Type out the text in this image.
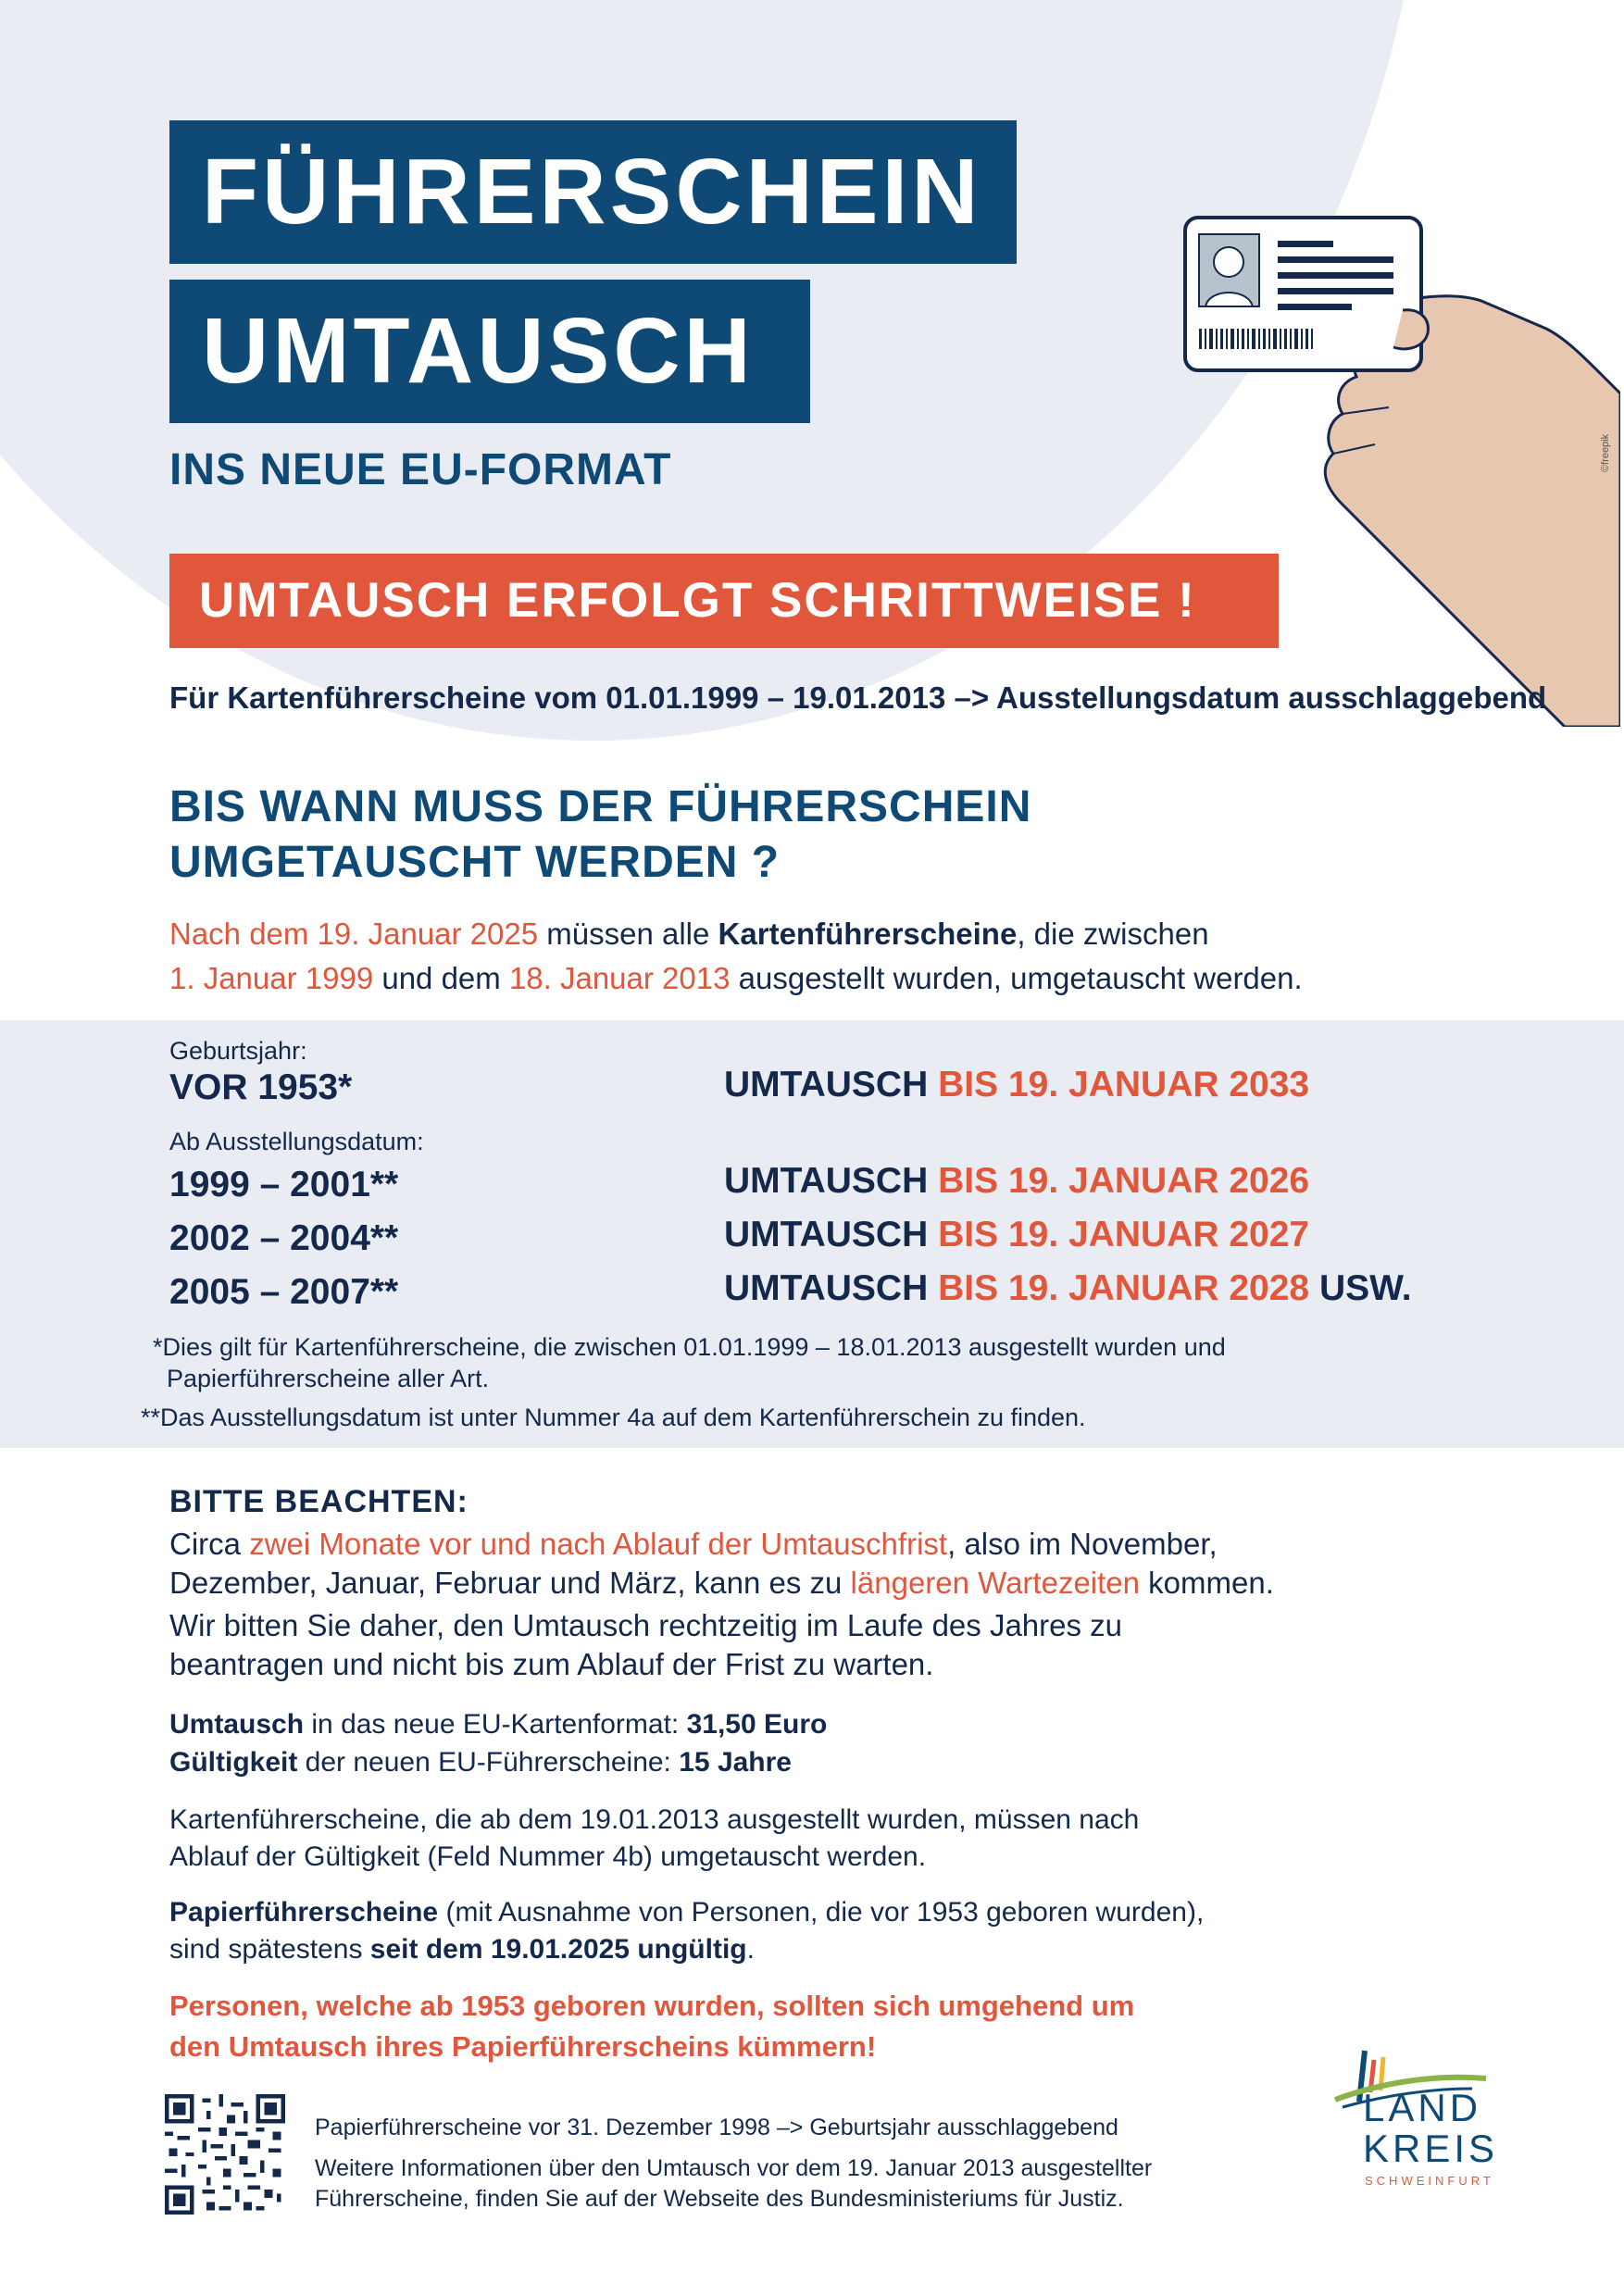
FÜHRERSCHEIN
UMTAUSCH
INS NEUE EU-FORMAT	©freepik
UMTAUSCH ERFOLGT SCHRITTWEISE !
Für Kartenführerscheine vom 01.01.1999 – 19.01.2013 –> Ausstellungsdatum ausschlaggebend
BIS WANN MUSS DER FÜHRERSCHEIN
UMGETAUSCHT WERDEN ?
Nach dem 19. Januar 2025 müssen alle Kartenführerscheine, die zwischen
1. Januar 1999 und dem 18. Januar 2013 ausgestellt wurden, umgetauscht werden.
Geburtsjahr:
VOR 1953*	UMTAUSCH BIS 19. JANUAR 2033
Ab Ausstellungsdatum:
1999 – 2001**	UMTAUSCH BIS 19. JANUAR 2026
2002 – 2004**	UMTAUSCH BIS 19. JANUAR 2027
2005 – 2007**	UMTAUSCH BIS 19. JANUAR 2028 USW.
*Dies gilt für Kartenführerscheine, die zwischen 01.01.1999 – 18.01.2013 ausgestellt wurden und
Papierführerscheine aller Art.
**Das Ausstellungsdatum ist unter Nummer 4a auf dem Kartenführerschein zu finden.
BITTE BEACHTEN:
Circa zwei Monate vor und nach Ablauf der Umtauschfrist, also im November,
Dezember, Januar, Februar und März, kann es zu längeren Wartezeiten kommen.
Wir bitten Sie daher, den Umtausch rechtzeitig im Laufe des Jahres zu
beantragen und nicht bis zum Ablauf der Frist zu warten.
Umtausch in das neue EU-Kartenformat: 31,50 Euro
Gültigkeit der neuen EU-Führerscheine: 15 Jahre
Kartenführerscheine, die ab dem 19.01.2013 ausgestellt wurden, müssen nach
Ablauf der Gültigkeit (Feld Nummer 4b) umgetauscht werden.
Papierführerscheine (mit Ausnahme von Personen, die vor 1953 geboren wurden),
sind spätestens seit dem 19.01.2025 ungültig.
Personen, welche ab 1953 geboren wurden, sollten sich umgehend um
den Umtausch ihres Papierführerscheins kümmern!
Papierführerscheine vor 31. Dezember 1998 –> Geburtsjahr ausschlaggebend
Weitere Informationen über den Umtausch vor dem 19. Januar 2013 ausgestellter
Führerscheine, finden Sie auf der Webseite des Bundesministeriums für Justiz.
LAND
KREIS
SCHWEINFURT
